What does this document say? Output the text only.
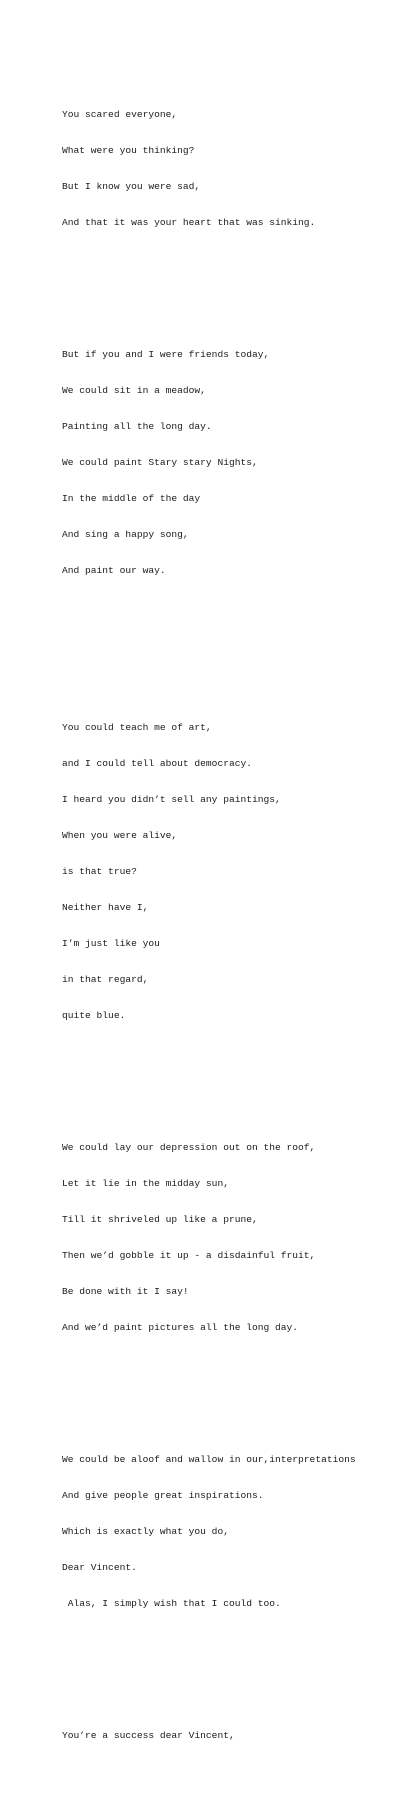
You scared everyone,

What were you thinking?

But I know you were sad,

And that it was your heart that was sinking.

But if you and I were friends today,

We could sit in a meadow,

Painting all the long day.

We could paint Stary stary Nights,

In the middle of the day

And sing a happy song,

And paint our way.

You could teach me of art,

and I could tell about democracy.

I heard you didn’t sell any paintings,

When you were alive,

is that true?

Neither have I,

I’m just like you

in that regard,

quite blue.

We could lay our depression out on the roof,

Let it lie in the midday sun,

Till it shriveled up like a prune,

Then we’d gobble it up - a disdainful fruit,

Be done with it I say!

And we’d paint pictures all the long day.

We could be aloof and wallow in our,interpretations

And give people great inspirations.

Which is exactly what you do,

Dear Vincent.

Alas, I simply wish that I could too.

You’re a success dear Vincent,
